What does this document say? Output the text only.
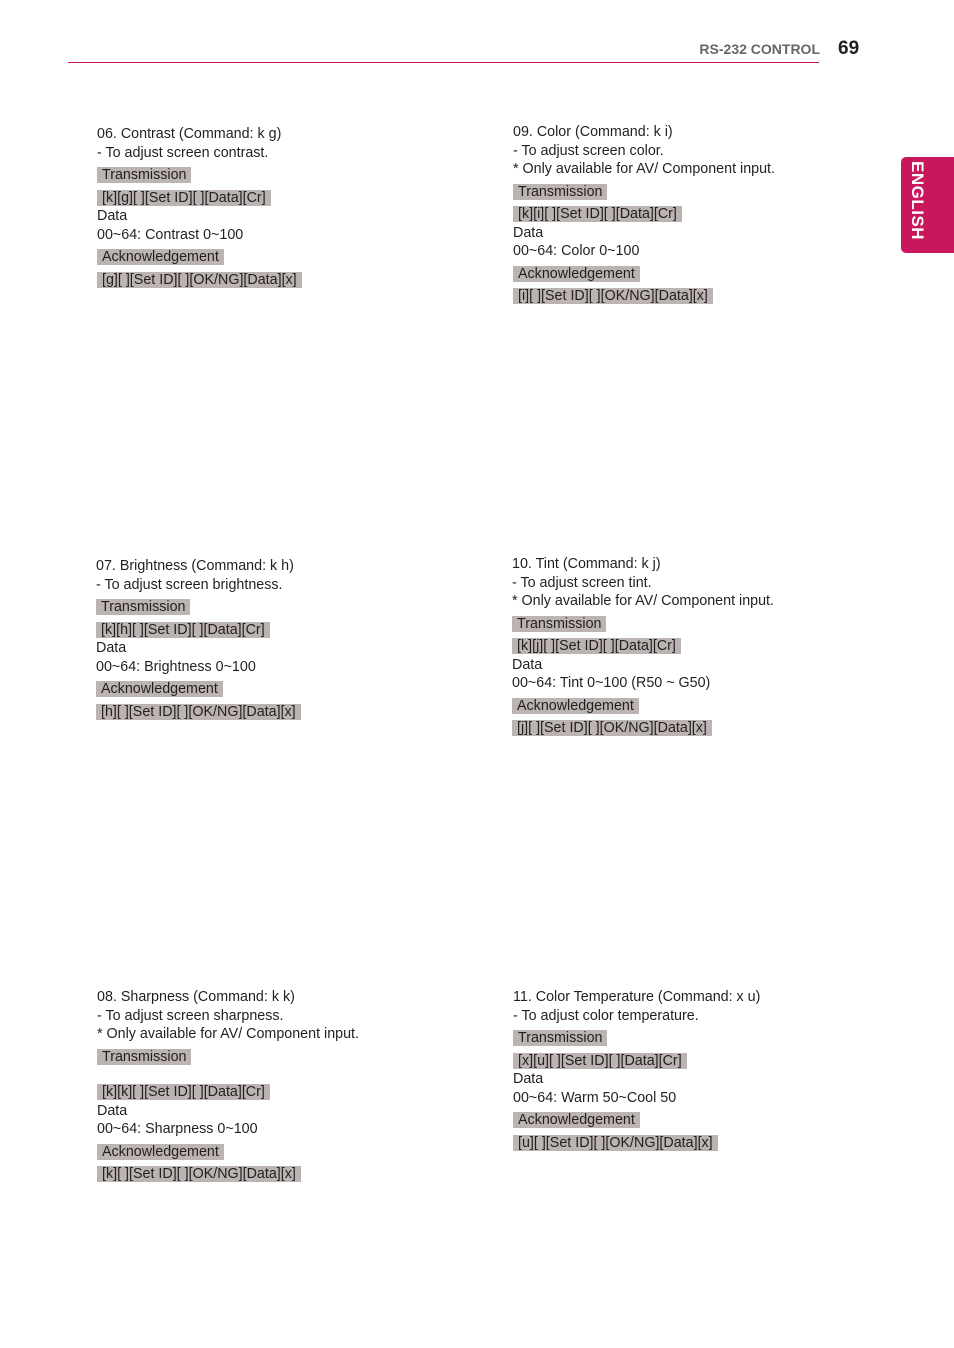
RS-232 CONTROL 69
ENGLISH
06. Contrast (Command: k g)
- To adjust screen contrast.
Transmission
[k][g][ ][Set ID][ ][Data][Cr]
Data
00~64: Contrast 0~100
Acknowledgement
[g][ ][Set ID][ ][OK/NG][Data][x]
07. Brightness (Command: k h)
- To adjust screen brightness.
Transmission
[k][h][ ][Set ID][ ][Data][Cr]
Data
00~64: Brightness 0~100
Acknowledgement
[h][ ][Set ID][ ][OK/NG][Data][x]
08. Sharpness (Command: k k)
- To adjust screen sharpness.
* Only available for AV/ Component input.
Transmission
[k][k][ ][Set ID][ ][Data][Cr]
Data
00~64: Sharpness 0~100
Acknowledgement
[k][ ][Set ID][ ][OK/NG][Data][x]
09. Color (Command: k i)
- To adjust screen color.
* Only available for AV/ Component input.
Transmission
[k][i][ ][Set ID][ ][Data][Cr]
Data
00~64: Color 0~100
Acknowledgement
[i][ ][Set ID][ ][OK/NG][Data][x]
10. Tint (Command: k j)
- To adjust screen tint.
* Only available for AV/ Component input.
Transmission
[k][j][ ][Set ID][ ][Data][Cr]
Data
00~64: Tint 0~100 (R50 ~ G50)
Acknowledgement
[j][ ][Set ID][ ][OK/NG][Data][x]
11. Color Temperature (Command: x u)
- To adjust color temperature.
Transmission
[x][u][ ][Set ID][ ][Data][Cr]
Data
00~64: Warm 50~Cool 50
Acknowledgement
[u][ ][Set ID][ ][OK/NG][Data][x]
